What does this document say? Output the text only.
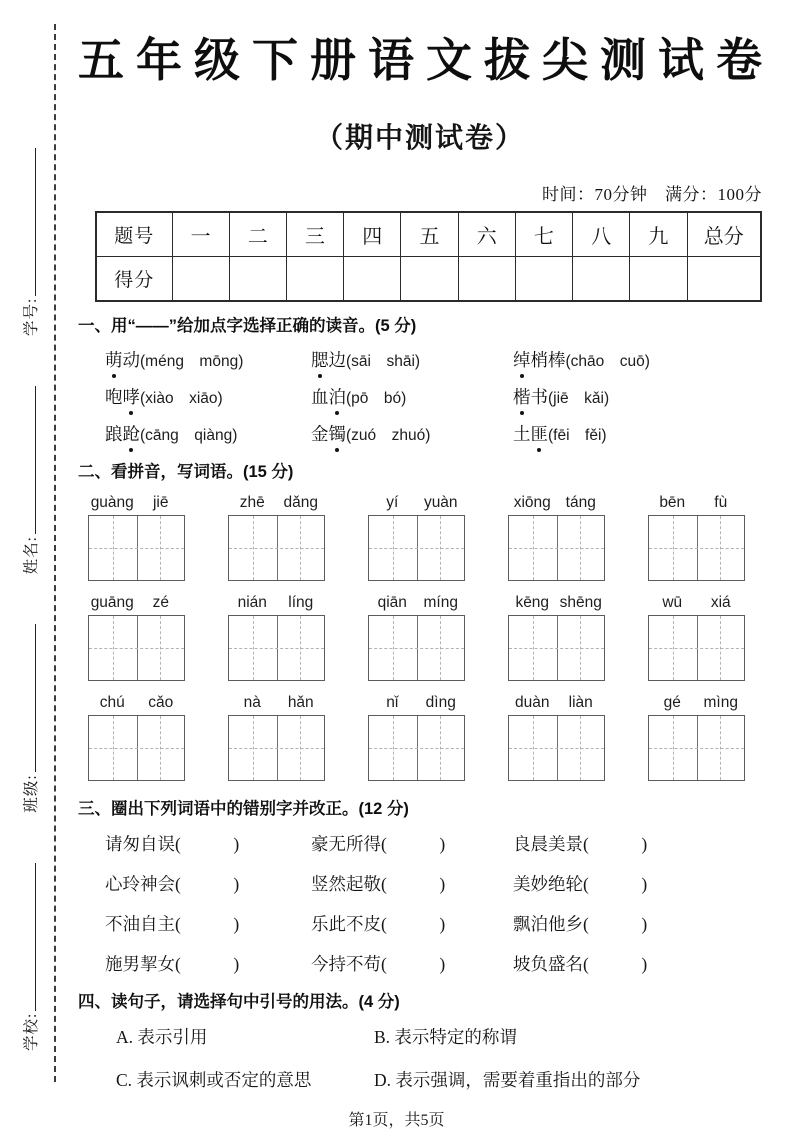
学校:
班级:
姓名:
学号:
五年级下册语文拔尖测试卷
（期中测试卷）
时间：70分钟　满分：100分
题号	一	二	三	四	五	六	七	八	九	总分
得分										
一、用“——”给加点字选择正确的读音。(5 分)
萌动(méng　mōng)	腮边(sāi　shāi)	绰梢棒(chāo　cuō)
咆哮(xiào　xiāo)	血泊(pō　bó)	楷书(jiē　kǎi)
踉跄(cāng　qiàng)	金镯(zuó　zhuó)	土匪(fēi　fěi)
二、看拼音，写词语。(15 分)
guàng	jiē	zhē	dǎng	yí	yuàn	xiōng táng	bēn	fù
guāng	zé	nián	líng	qiān	míng	kēng shēng	wū	xiá
chú	cǎo	nà	hǎn	nǐ	dìng	duàn	liàn	gé	mìng
三、圈出下列词语中的错别字并改正。(12 分)
请匆自误(　　　)	豪无所得(　　　)	良晨美景(　　　)
心玲神会(　　　)	竖然起敬(　　　)	美妙绝轮(　　　)
不油自主(　　　)	乐此不皮(　　　)	飘泊他乡(　　　)
施男挈女(　　　)	今持不苟(　　　)	坡负盛名(　　　)
四、读句子，请选择句中引号的用法。(4 分)
A. 表示引用	B. 表示特定的称谓
C. 表示讽刺或否定的意思	D. 表示强调，需要着重指出的部分
第1页，共5页
